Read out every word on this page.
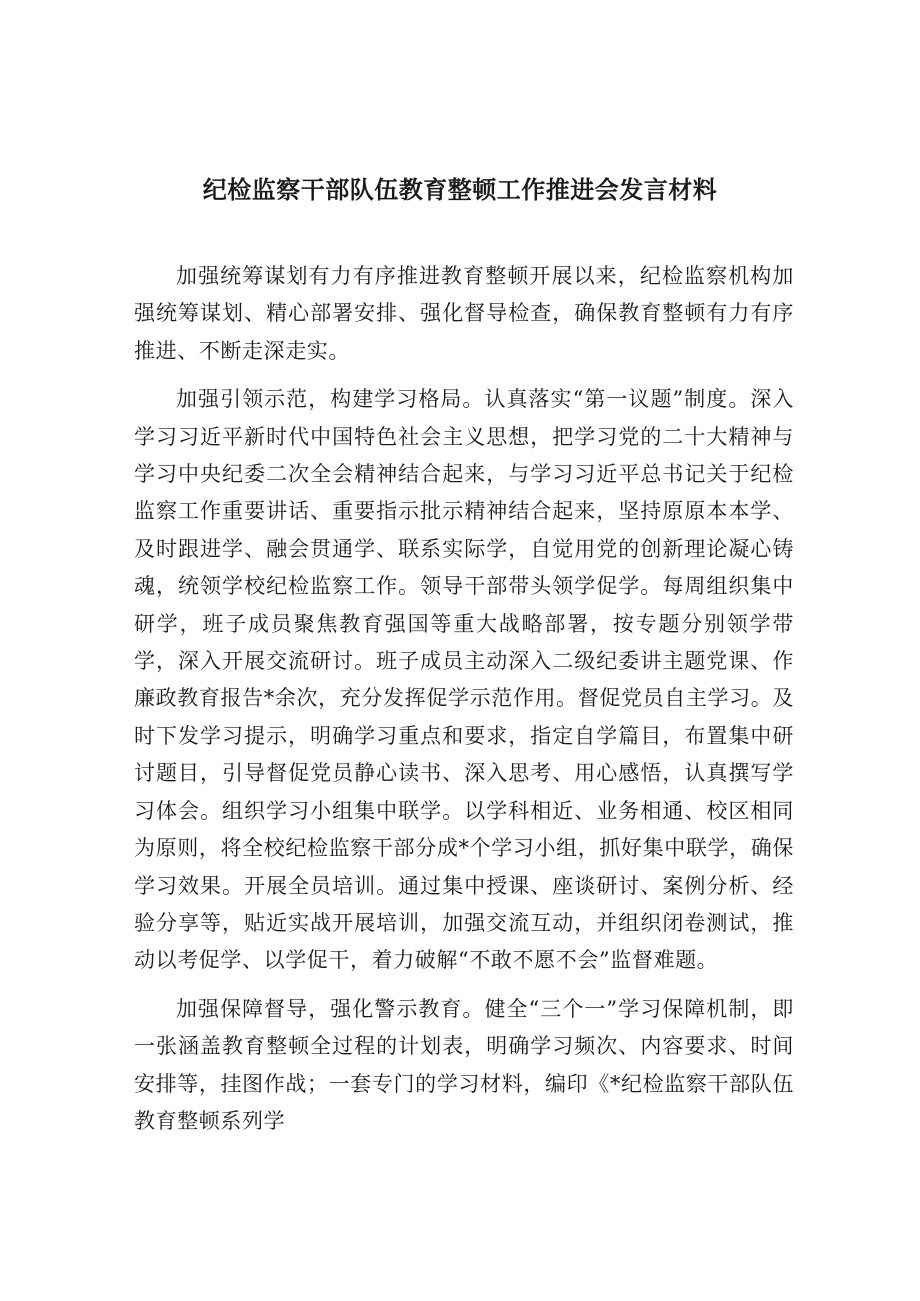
纪检监察干部队伍教育整顿工作推进会发言材料

加强统筹谋划有力有序推进教育整顿开展以来，纪检监察机构加强统筹谋划、精心部署安排、强化督导检查，确保教育整顿有力有序推进、不断走深走实。

加强引领示范，构建学习格局。认真落实“第一议题”制度。深入学习习近平新时代中国特色社会主义思想，把学习党的二十大精神与学习中央纪委二次全会精神结合起来，与学习习近平总书记关于纪检监察工作重要讲话、重要指示批示精神结合起来，坚持原原本本学、及时跟进学、融会贯通学、联系实际学，自觉用党的创新理论凝心铸魂，统领学校纪检监察工作。领导干部带头领学促学。每周组织集中研学，班子成员聚焦教育强国等重大战略部署，按专题分别领学带学，深入开展交流研讨。班子成员主动深入二级纪委讲主题党课、作廉政教育报告*余次，充分发挥促学示范作用。督促党员自主学习。及时下发学习提示，明确学习重点和要求，指定自学篇目，布置集中研讨题目，引导督促党员静心读书、深入思考、用心感悟，认真撰写学习体会。组织学习小组集中联学。以学科相近、业务相通、校区相同为原则，将全校纪检监察干部分成*个学习小组，抓好集中联学，确保学习效果。开展全员培训。通过集中授课、座谈研讨、案例分析、经验分享等，贴近实战开展培训，加强交流互动，并组织闭卷测试，推动以考促学、以学促干，着力破解“不敢不愿不会”监督难题。

加强保障督导，强化警示教育。健全“三个一”学习保障机制，即一张涵盖教育整顿全过程的计划表，明确学习频次、内容要求、时间安排等，挂图作战；一套专门的学习材料，编印《*纪检监察干部队伍教育整顿系列学
